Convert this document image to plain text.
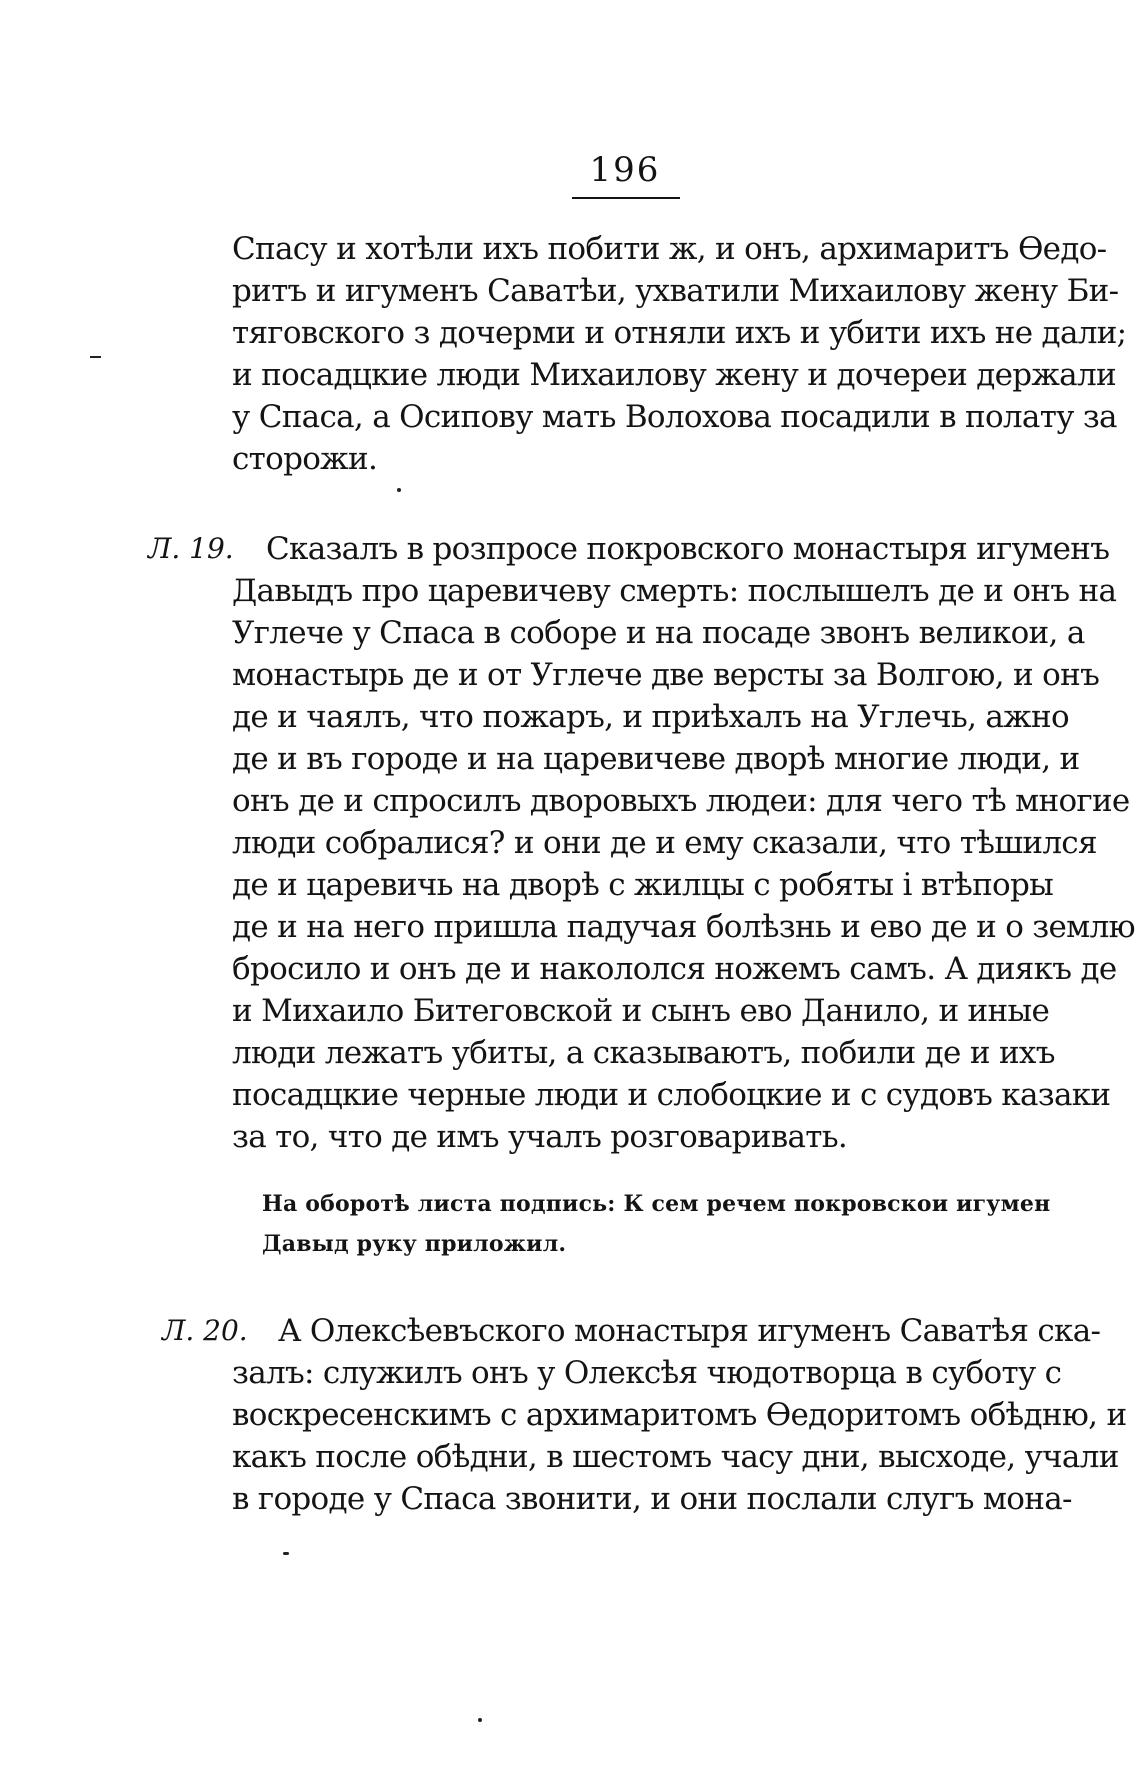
196
Спасу и хотѣли ихъ побити ж, и онъ, архимаритъ Ѳедо-
ритъ и игуменъ Саватѣи, ухватили Михаилову жену Би-
тяговского з дочерми и отняли ихъ и убити ихъ не дали;
и посадцкие люди Михаилову жену и дочереи держали
у Спаса, а Осипову мать Волохова посадили в полату за
сторожи.
Л. 19. Сказалъ в розпросе покровского монастыря игуменъ
Давыдъ про царевичеву смерть: послышелъ де и онъ на
Углече у Спаса в соборе и на посаде звонъ великои, а
монастырь де и от Углече две версты за Волгою, и онъ
де и чаялъ, что пожаръ, и приѣхалъ на Углечь, ажно
де и въ городе и на царевичеве дворѣ многие люди, и
онъ де и спросилъ дворовыхъ людеи: для чего тѣ многие
люди собралися? и они де и ему сказали, что тѣшился
де и царевичь на дворѣ с жилцы с робяты і втѣпоры
де и на него пришла падучая болѣзнь и ево де и о землю
бросило и онъ де и накололся ножемъ самъ. А диякъ де
и Михаило Битеговской и сынъ ево Данило, и иные
люди лежатъ убиты, а сказываютъ, побили де и ихъ
посадцкие черные люди и слобоцкие и с судовъ казаки
за то, что де имъ учалъ розговаривать.
На оборотѣ листа подпись: К сем речем покровскои игумен
Давыд руку приложил.
Л. 20. А Олексѣевъского монастыря игуменъ Саватѣя ска-
залъ: служилъ онъ у Олексѣя чюдотворца в суботу с
воскресенскимъ с архимаритомъ Ѳедоритомъ обѣдню, и
какъ после обѣдни, в шестомъ часу дни, высходе, учали
в городе у Спаса звонити, и они послали слугъ мона-
